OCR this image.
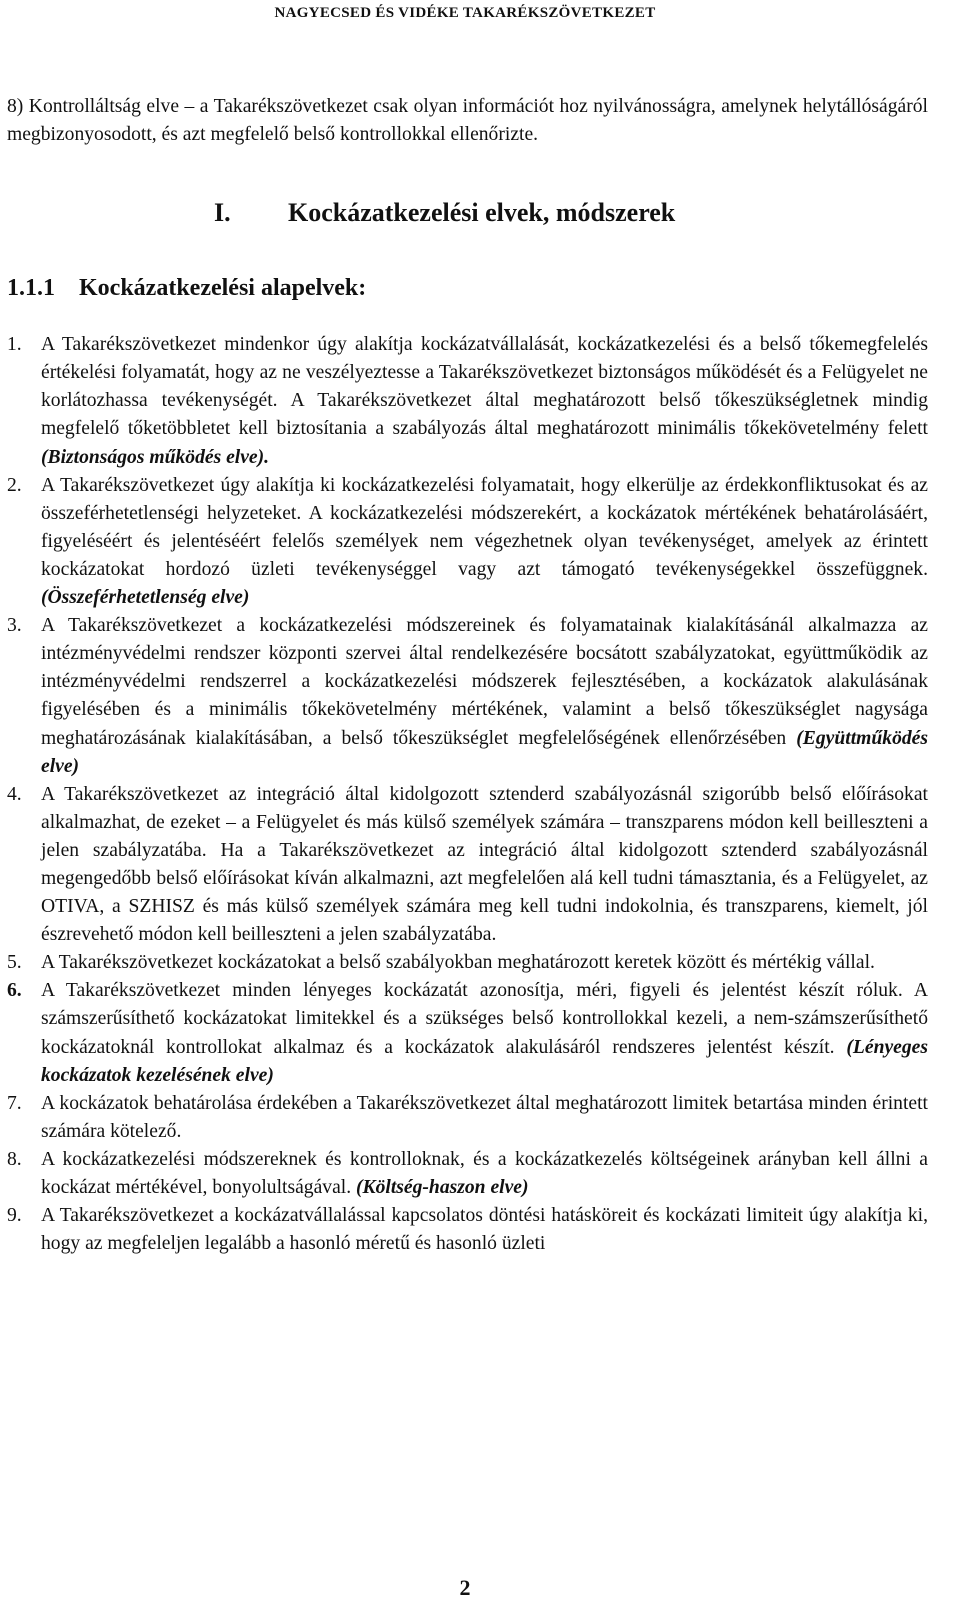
NAGYECSED ÉS VIDÉKE TAKARÉKSZÖVETKEZET

8) Kontrolláltság elve – a Takarékszövetkezet csak olyan információt hoz nyilvánosságra, amelynek helytállóságáról megbizonyosodott, és azt megfelelő belső kontrollokkal ellenőrizte.

I. Kockázatkezelési elvek, módszerek
1.1.1 Kockázatkezelési alapelvek:
1. A Takarékszövetkezet mindenkor úgy alakítja kockázatvállalását, kockázatkezelési és a belső tőkemegfelelés értékelési folyamatát, hogy az ne veszélyeztesse a Takarékszövetkezet biztonságos működését és a Felügyelet ne korlátozhassa tevékenységét. A Takarékszövetkezet által meghatározott belső tőkeszükségletnek mindig megfelelő tőketöbbletet kell biztosítania a szabályozás által meghatározott minimális tőkekövetelmény felett (Biztonságos működés elve).
2. A Takarékszövetkezet úgy alakítja ki kockázatkezelési folyamatait, hogy elkerülje az érdekkonfliktusokat és az összeférhetetlenségi helyzeteket. A kockázatkezelési módszerekért, a kockázatok mértékének behatárolásáért, figyeléséért és jelentéséért felelős személyek nem végezhetnek olyan tevékenységet, amelyek az érintett kockázatokat hordozó üzleti tevékenységgel vagy azt támogató tevékenységekkel összefüggnek. (Összeférhetetlenség elve)
3. A Takarékszövetkezet a kockázatkezelési módszereinek és folyamatainak kialakításánál alkalmazza az intézményvédelmi rendszer központi szervei által rendelkezésére bocsátott szabályzatokat, együttműködik az intézményvédelmi rendszerrel a kockázatkezelési módszerek fejlesztésében, a kockázatok alakulásának figyelésében és a minimális tőkekövetelmény mértékének, valamint a belső tőkeszükséglet nagysága meghatározásának kialakításában, a belső tőkeszükséglet megfelelőségének ellenőrzésében (Együttműködés elve)
4. A Takarékszövetkezet az integráció által kidolgozott sztenderd szabályozásnál szigorúbb belső előírásokat alkalmazhat, de ezeket – a Felügyelet és más külső személyek számára – transzparens módon kell beilleszteni a jelen szabályzatába. Ha a Takarékszövetkezet az integráció által kidolgozott sztenderd szabályozásnál megengedőbb belső előírásokat kíván alkalmazni, azt megfelelően alá kell tudni támasztania, és a Felügyelet, az OTIVA, a SZHISZ és más külső személyek számára meg kell tudni indokolnia, és transzparens, kiemelt, jól észrevehető módon kell beilleszteni a jelen szabályzatába.
5. A Takarékszövetkezet kockázatokat a belső szabályokban meghatározott keretek között és mértékig vállal.
6. A Takarékszövetkezet minden lényeges kockázatát azonosítja, méri, figyeli és jelentést készít róluk. A számszerűsíthető kockázatokat limitekkel és a szükséges belső kontrollokkal kezeli, a nem-számszerűsíthető kockázatoknál kontrollokat alkalmaz és a kockázatok alakulásáról rendszeres jelentést készít. (Lényeges kockázatok kezelésének elve)
7. A kockázatok behatárolása érdekében a Takarékszövetkezet által meghatározott limitek betartása minden érintett számára kötelező.
8. A kockázatkezelési módszereknek és kontrolloknak, és a kockázatkezelés költségeinek arányban kell állni a kockázat mértékével, bonyolultságával. (Költség-haszon elve)
9. A Takarékszövetkezet a kockázatvállalással kapcsolatos döntési hatásköreit és kockázati limiteit úgy alakítja ki, hogy az megfeleljen legalább a hasonló méretű és hasonló üzleti
2
